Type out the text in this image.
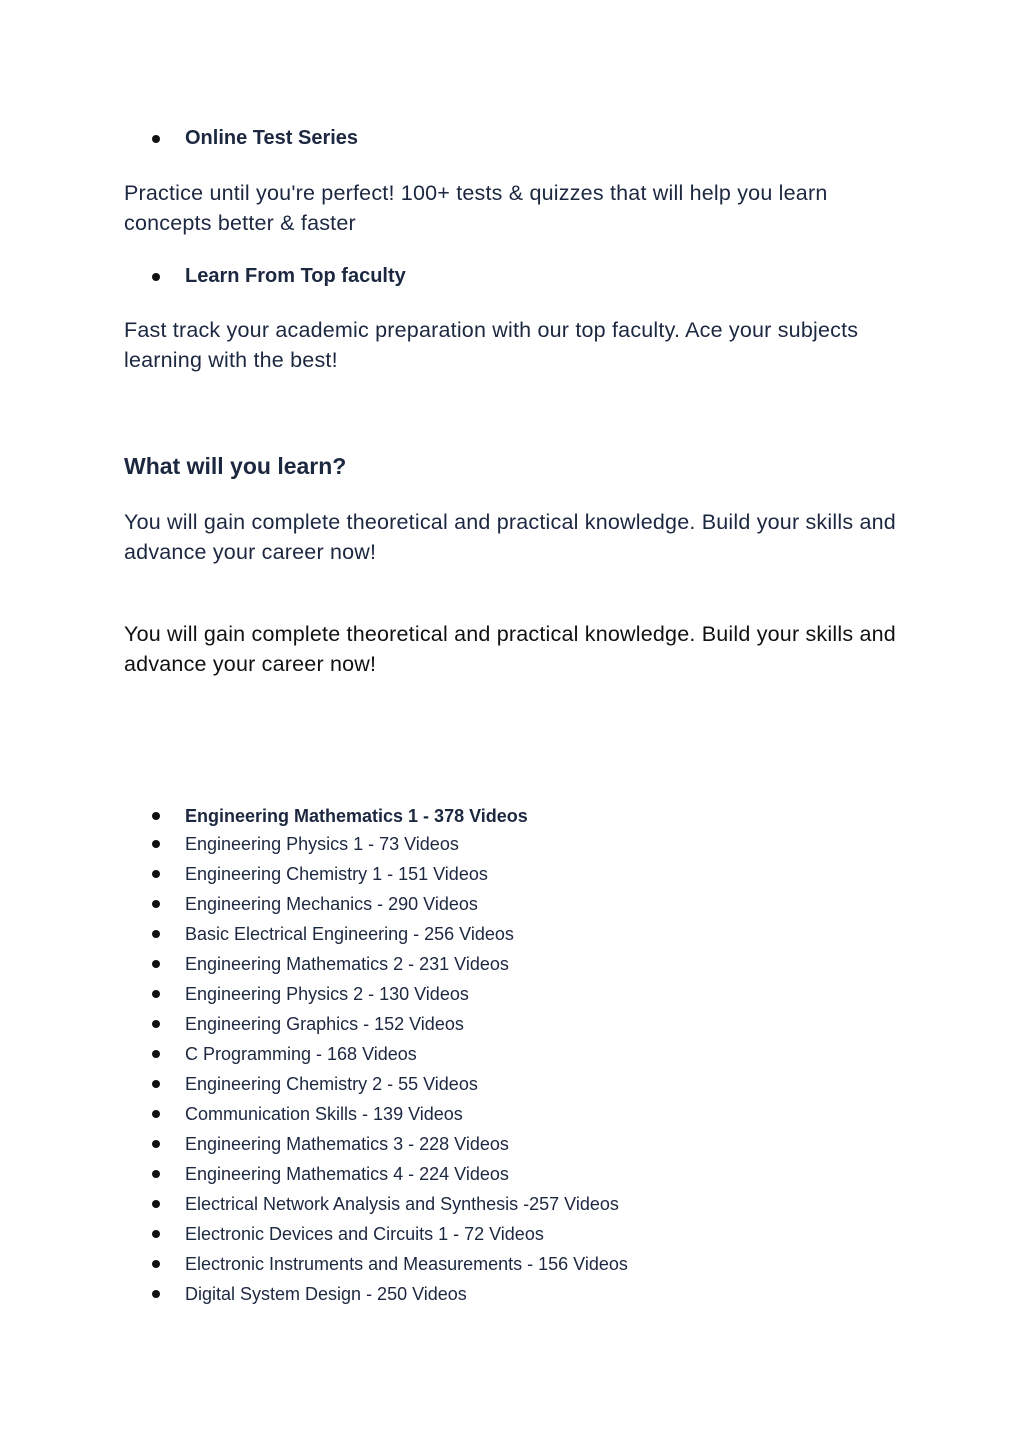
Online Test Series
Practice until you're perfect! 100+ tests & quizzes that will help you learn concepts better & faster
Learn From Top faculty
Fast track your academic preparation with our top faculty. Ace your subjects learning with the best!
What will you learn?
You will gain complete theoretical and practical knowledge. Build your skills and advance your career now!
You will gain complete theoretical and practical knowledge. Build your skills and advance your career now!
Engineering Mathematics 1 - 378 Videos
Engineering Physics 1 - 73 Videos
Engineering Chemistry 1 - 151 Videos
Engineering Mechanics - 290 Videos
Basic Electrical Engineering - 256 Videos
Engineering Mathematics 2 - 231 Videos
Engineering Physics 2 - 130 Videos
Engineering Graphics - 152 Videos
C Programming - 168 Videos
Engineering Chemistry 2 - 55 Videos
Communication Skills - 139 Videos
Engineering Mathematics 3 - 228 Videos
Engineering Mathematics 4 - 224 Videos
Electrical Network Analysis and Synthesis -257 Videos
Electronic Devices and Circuits 1 - 72 Videos
Electronic Instruments and Measurements - 156 Videos
Digital System Design - 250 Videos
